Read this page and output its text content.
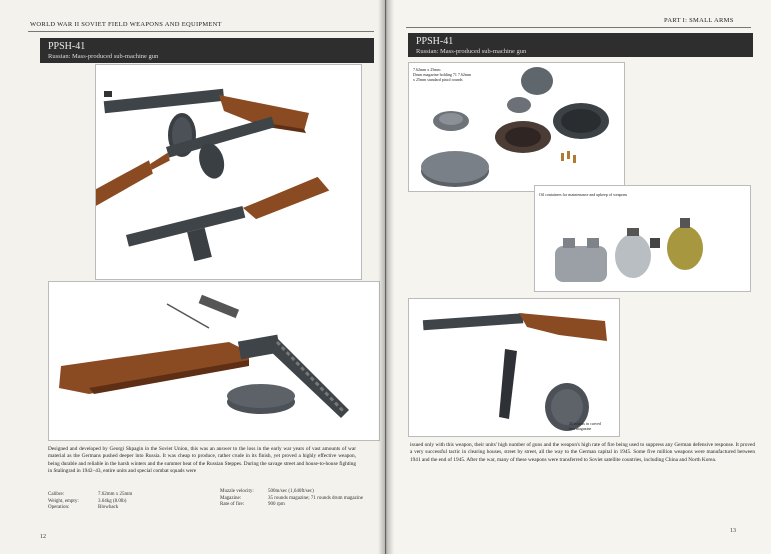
WORLD WAR II SOVIET FIELD WEAPONS AND EQUIPMENT
PPSH-41
Russian: Mass-produced sub-machine gun
Designed and developed by Georgi Shpagin in the Soviet Union, this was an answer to the loss in the early war years of vast amounts of war material as the Germans pushed deeper into Russia. It was cheap to produce, rather crude in its finish, yet proved a highly effective weapon, being durable and reliable in the harsh winters and the summer heat of the Russian Steppes. During the savage street and house-to-house fighting in Stalingrad in 1942–43, entire units and special combat squads were
Calibre:	7.62mm x 25mm
Weight, empty:	3.64kg (8.0lb)
Operation:	Blowback
Muzzle velocity:	500m/sec (1,640ft/sec)
Magazine:	35 rounds magazine; 71 rounds drum magazine
Rate of fire:	900 rpm
12
PART I: SMALL ARMS
PPSH-41
Russian: Mass-produced sub-machine gun
7.62mm x 25mm
Drum magazine holding 71 7.62mm
x 25mm standard pistol rounds
Oil containers for maintenance and upkeep of weapons
35 rounds in curved
box magazine
issued only with this weapon, their units' high number of guns and the weapon's high rate of fire being used to suppress any German defensive response. It proved a very successful tactic in clearing houses, street by street, all the way to the German capital in 1945. Some five million weapons were manufactured between 1941 and the end of 1945. After the war, many of these weapons were transferred to Soviet satellite countries, including China and North Korea.
13
